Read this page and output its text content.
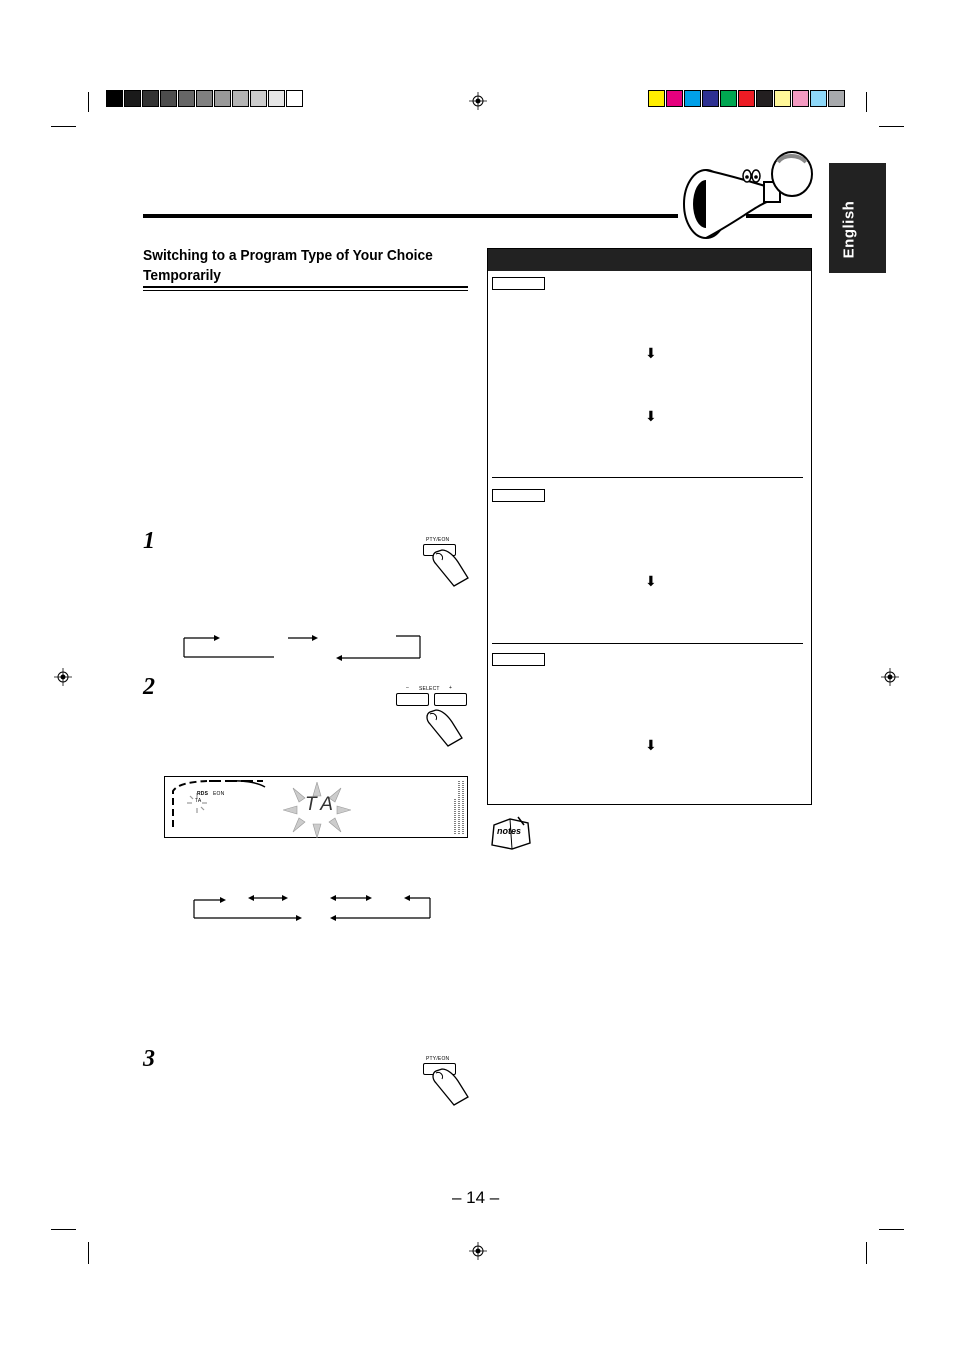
English
Switching to a Program Type of Your Choice Temporarily
1	PTY/EON
2	– SELECT +
RDS EON
TA	TA
3	PTY/EON
⬇
⬇
⬇
⬇
notes
– 14 –
